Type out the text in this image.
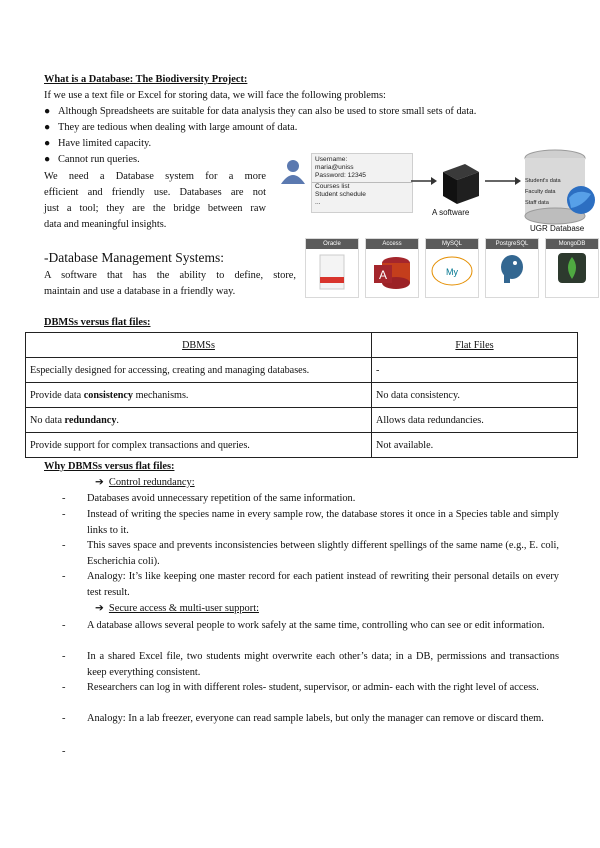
What is a Database: The Biodiversity Project:
If we use a text file or Excel for storing data, we will face the following problems:
● Although Spreadsheets are suitable for data analysis they can also be used to store small sets of data.
● They are tedious when dealing with large amount of data.
● Have limited capacity.
● Cannot run queries.
We need a Database system for a more
efficient and friendly use. Databases are not
just a tool; they are the bridge between raw
data and meaningful insights.
Username:
maria@uniss
Password: 12345
Courses list
Student schedule
...
A software
Student's data
Faculty data
Staff data
UGR Database
Oracle	Access
A
MySQL
My
PostgreSQL	MongoDB
-Database Management Systems:
A software that has the ability to define, store,
maintain and use a database in a friendly way.
DBMSs versus flat files:
DBMSs	Flat Files
Especially designed for accessing, creating and managing databases.	-
Provide data consistency mechanisms.	No data consistency.
No data redundancy.	Allows data redundancies.
Provide support for complex transactions and queries.	Not available.
Why DBMSs versus flat files:
➔ Control redundancy:
- Databases avoid unnecessary repetition of the same information.
- Instead of writing the species name in every sample row, the database stores it once in a Species table and simply links to it.
- This saves space and prevents inconsistencies between slightly different spellings of the same name (e.g., E. coli, Escherichia coli).
- Analogy: It’s like keeping one master record for each patient instead of rewriting their personal details on every test result.
➔ Secure access & multi-user support:
- A database allows several people to work safely at the same time, controlling who can see or edit information.
- In a shared Excel file, two students might overwrite each other’s data; in a DB, permissions and transactions keep everything consistent.
- Researchers can log in with different roles- student, supervisor, or admin- each with the right level of access.
- Analogy: In a lab freezer, everyone can read sample labels, but only the manager can remove or discard them.
-
